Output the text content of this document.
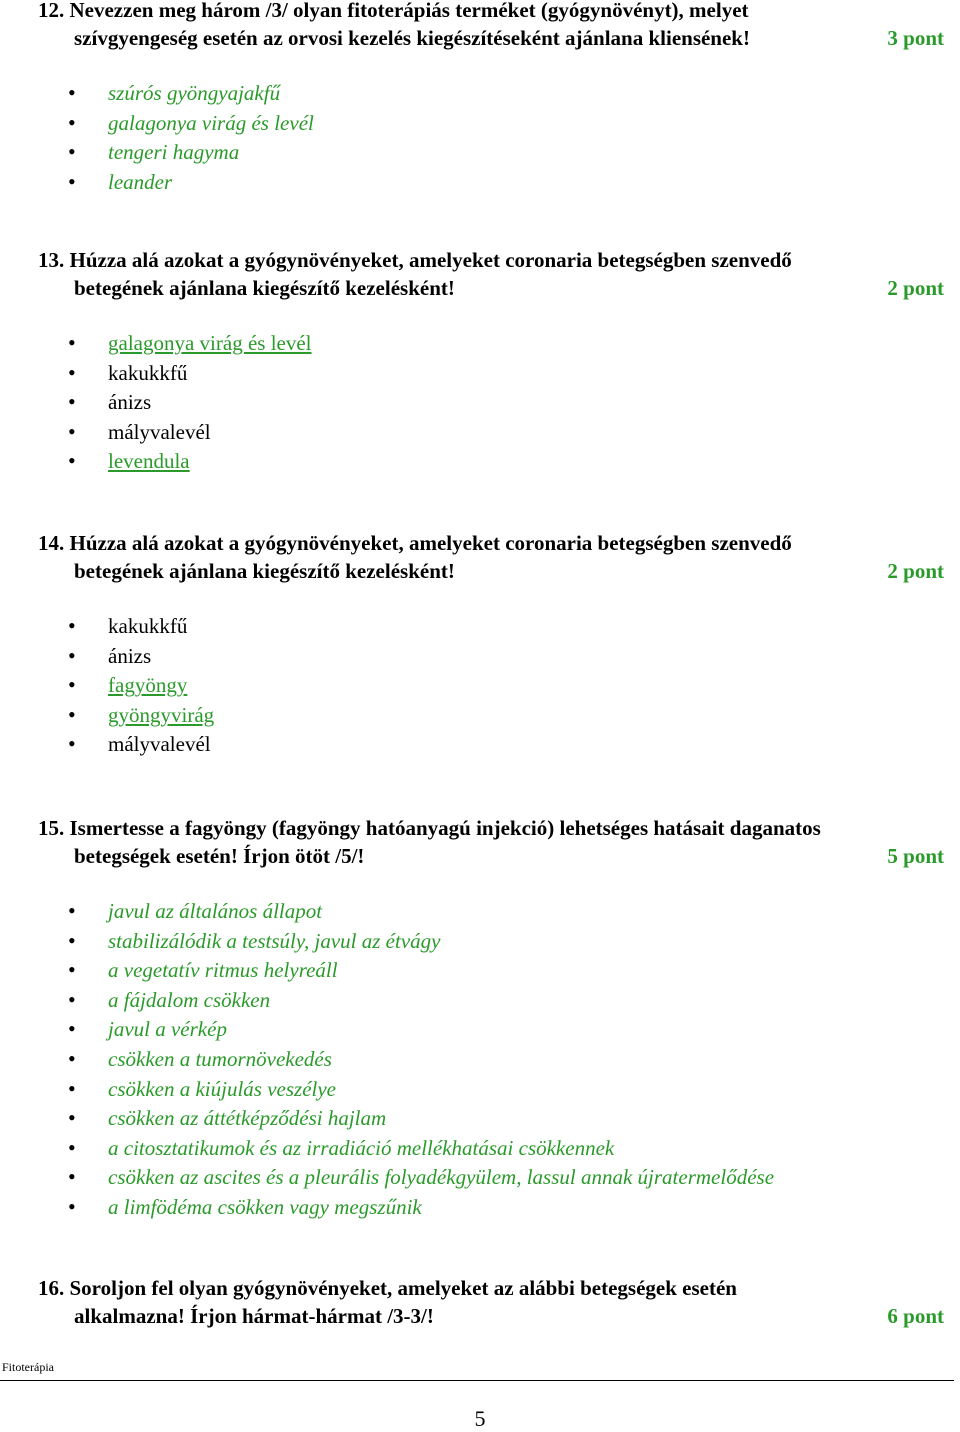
12. Nevezzen meg három /3/ olyan fitoterápiás terméket (gyógynövényt), melyet
szívgyengeség esetén az orvosi kezelés kiegészítéseként ajánlana kliensének!	3 pont
• szúrós gyöngyajakfű
• galagonya virág és levél
• tengeri hagyma
• leander
13. Húzza alá azokat a gyógynövényeket, amelyeket coronaria betegségben szenvedő
betegének ajánlana kiegészítő kezelésként!	2 pont
• galagonya virág és levél
• kakukkfű
• ánizs
• mályvalevél
• levendula
14. Húzza alá azokat a gyógynövényeket, amelyeket coronaria betegségben szenvedő
betegének ajánlana kiegészítő kezelésként!	2 pont
• kakukkfű
• ánizs
• fagyöngy
• gyöngyvirág
• mályvalevél
15. Ismertesse a fagyöngy (fagyöngy hatóanyagú injekció) lehetséges hatásait daganatos
betegségek esetén! Írjon ötöt /5/!	5 pont
• javul az általános állapot
• stabilizálódik a testsúly, javul az étvágy
• a vegetatív ritmus helyreáll
• a fájdalom csökken
• javul a vérkép
• csökken a tumornövekedés
• csökken a kiújulás veszélye
• csökken az áttétképződési hajlam
• a citosztatikumok és az irradiáció mellékhatásai csökkennek
• csökken az ascites és a pleurális folyadékgyülem, lassul annak újratermelődése
• a limfödéma csökken vagy megszűnik
16. Soroljon fel olyan gyógynövényeket, amelyeket az alábbi betegségek esetén
alkalmazna! Írjon hármat-hármat /3-3/!	6 pont
Fitoterápia
5
